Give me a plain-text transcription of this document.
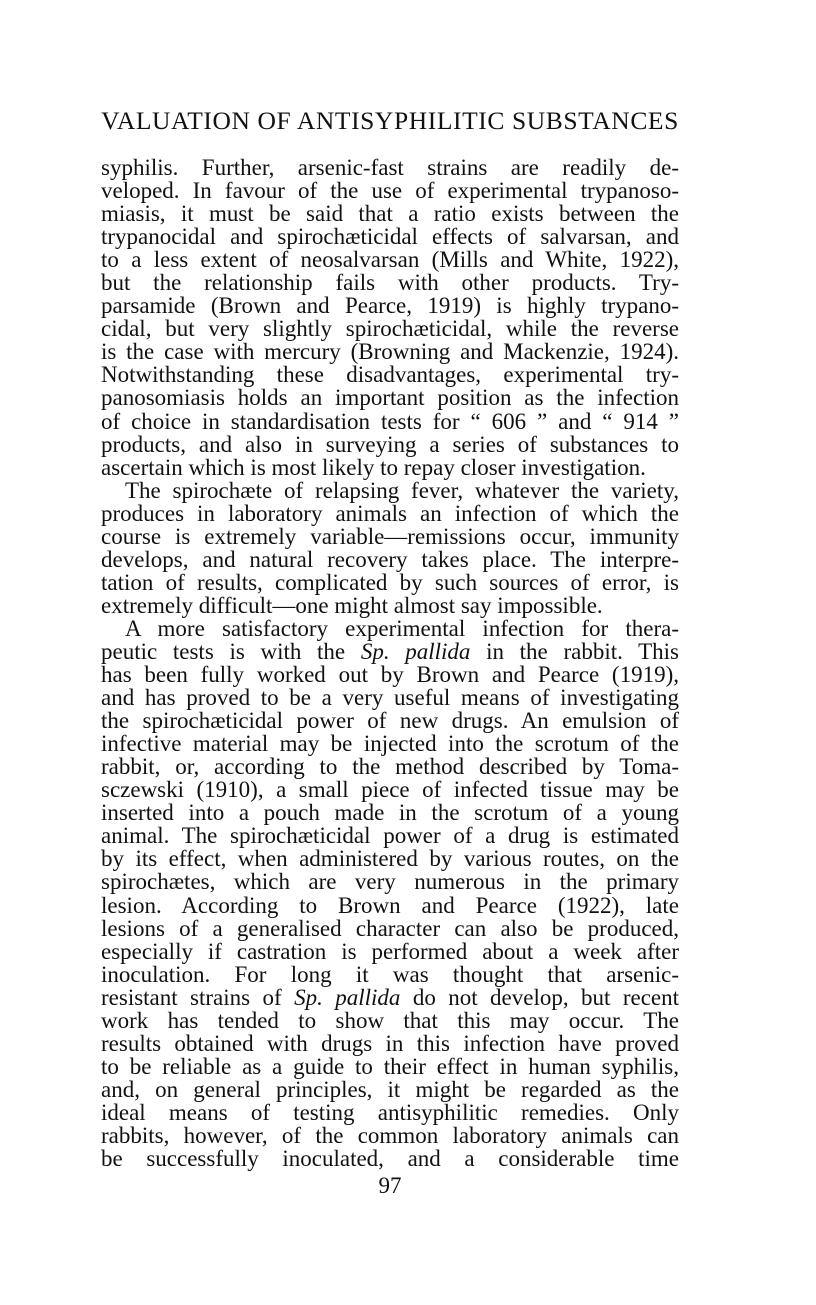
VALUATION OF ANTISYPHILITIC SUBSTANCES
syphilis. Further, arsenic-fast strains are readily de-
veloped. In favour of the use of experimental trypanoso-
miasis, it must be said that a ratio exists between the
trypanocidal and spirochæticidal effects of salvarsan, and
to a less extent of neosalvarsan (Mills and White, 1922),
but the relationship fails with other products. Try-
parsamide (Brown and Pearce, 1919) is highly trypano-
cidal, but very slightly spirochæticidal, while the reverse
is the case with mercury (Browning and Mackenzie, 1924).
Notwithstanding these disadvantages, experimental try-
panosomiasis holds an important position as the infection
of choice in standardisation tests for “ 606 ” and “ 914 ”
products, and also in surveying a series of substances to
ascertain which is most likely to repay closer investigation.
The spirochæte of relapsing fever, whatever the variety,
produces in laboratory animals an infection of which the
course is extremely variable—remissions occur, immunity
develops, and natural recovery takes place. The interpre-
tation of results, complicated by such sources of error, is
extremely difficult—one might almost say impossible.
A more satisfactory experimental infection for thera-
peutic tests is with the Sp. pallida in the rabbit. This
has been fully worked out by Brown and Pearce (1919),
and has proved to be a very useful means of investigating
the spirochæticidal power of new drugs. An emulsion of
infective material may be injected into the scrotum of the
rabbit, or, according to the method described by Toma-
sczewski (1910), a small piece of infected tissue may be
inserted into a pouch made in the scrotum of a young
animal. The spirochæticidal power of a drug is estimated
by its effect, when administered by various routes, on the
spirochætes, which are very numerous in the primary
lesion. According to Brown and Pearce (1922), late
lesions of a generalised character can also be produced,
especially if castration is performed about a week after
inoculation. For long it was thought that arsenic-
resistant strains of Sp. pallida do not develop, but recent
work has tended to show that this may occur. The
results obtained with drugs in this infection have proved
to be reliable as a guide to their effect in human syphilis,
and, on general principles, it might be regarded as the
ideal means of testing antisyphilitic remedies. Only
rabbits, however, of the common laboratory animals can
be successfully inoculated, and a considerable time
97
